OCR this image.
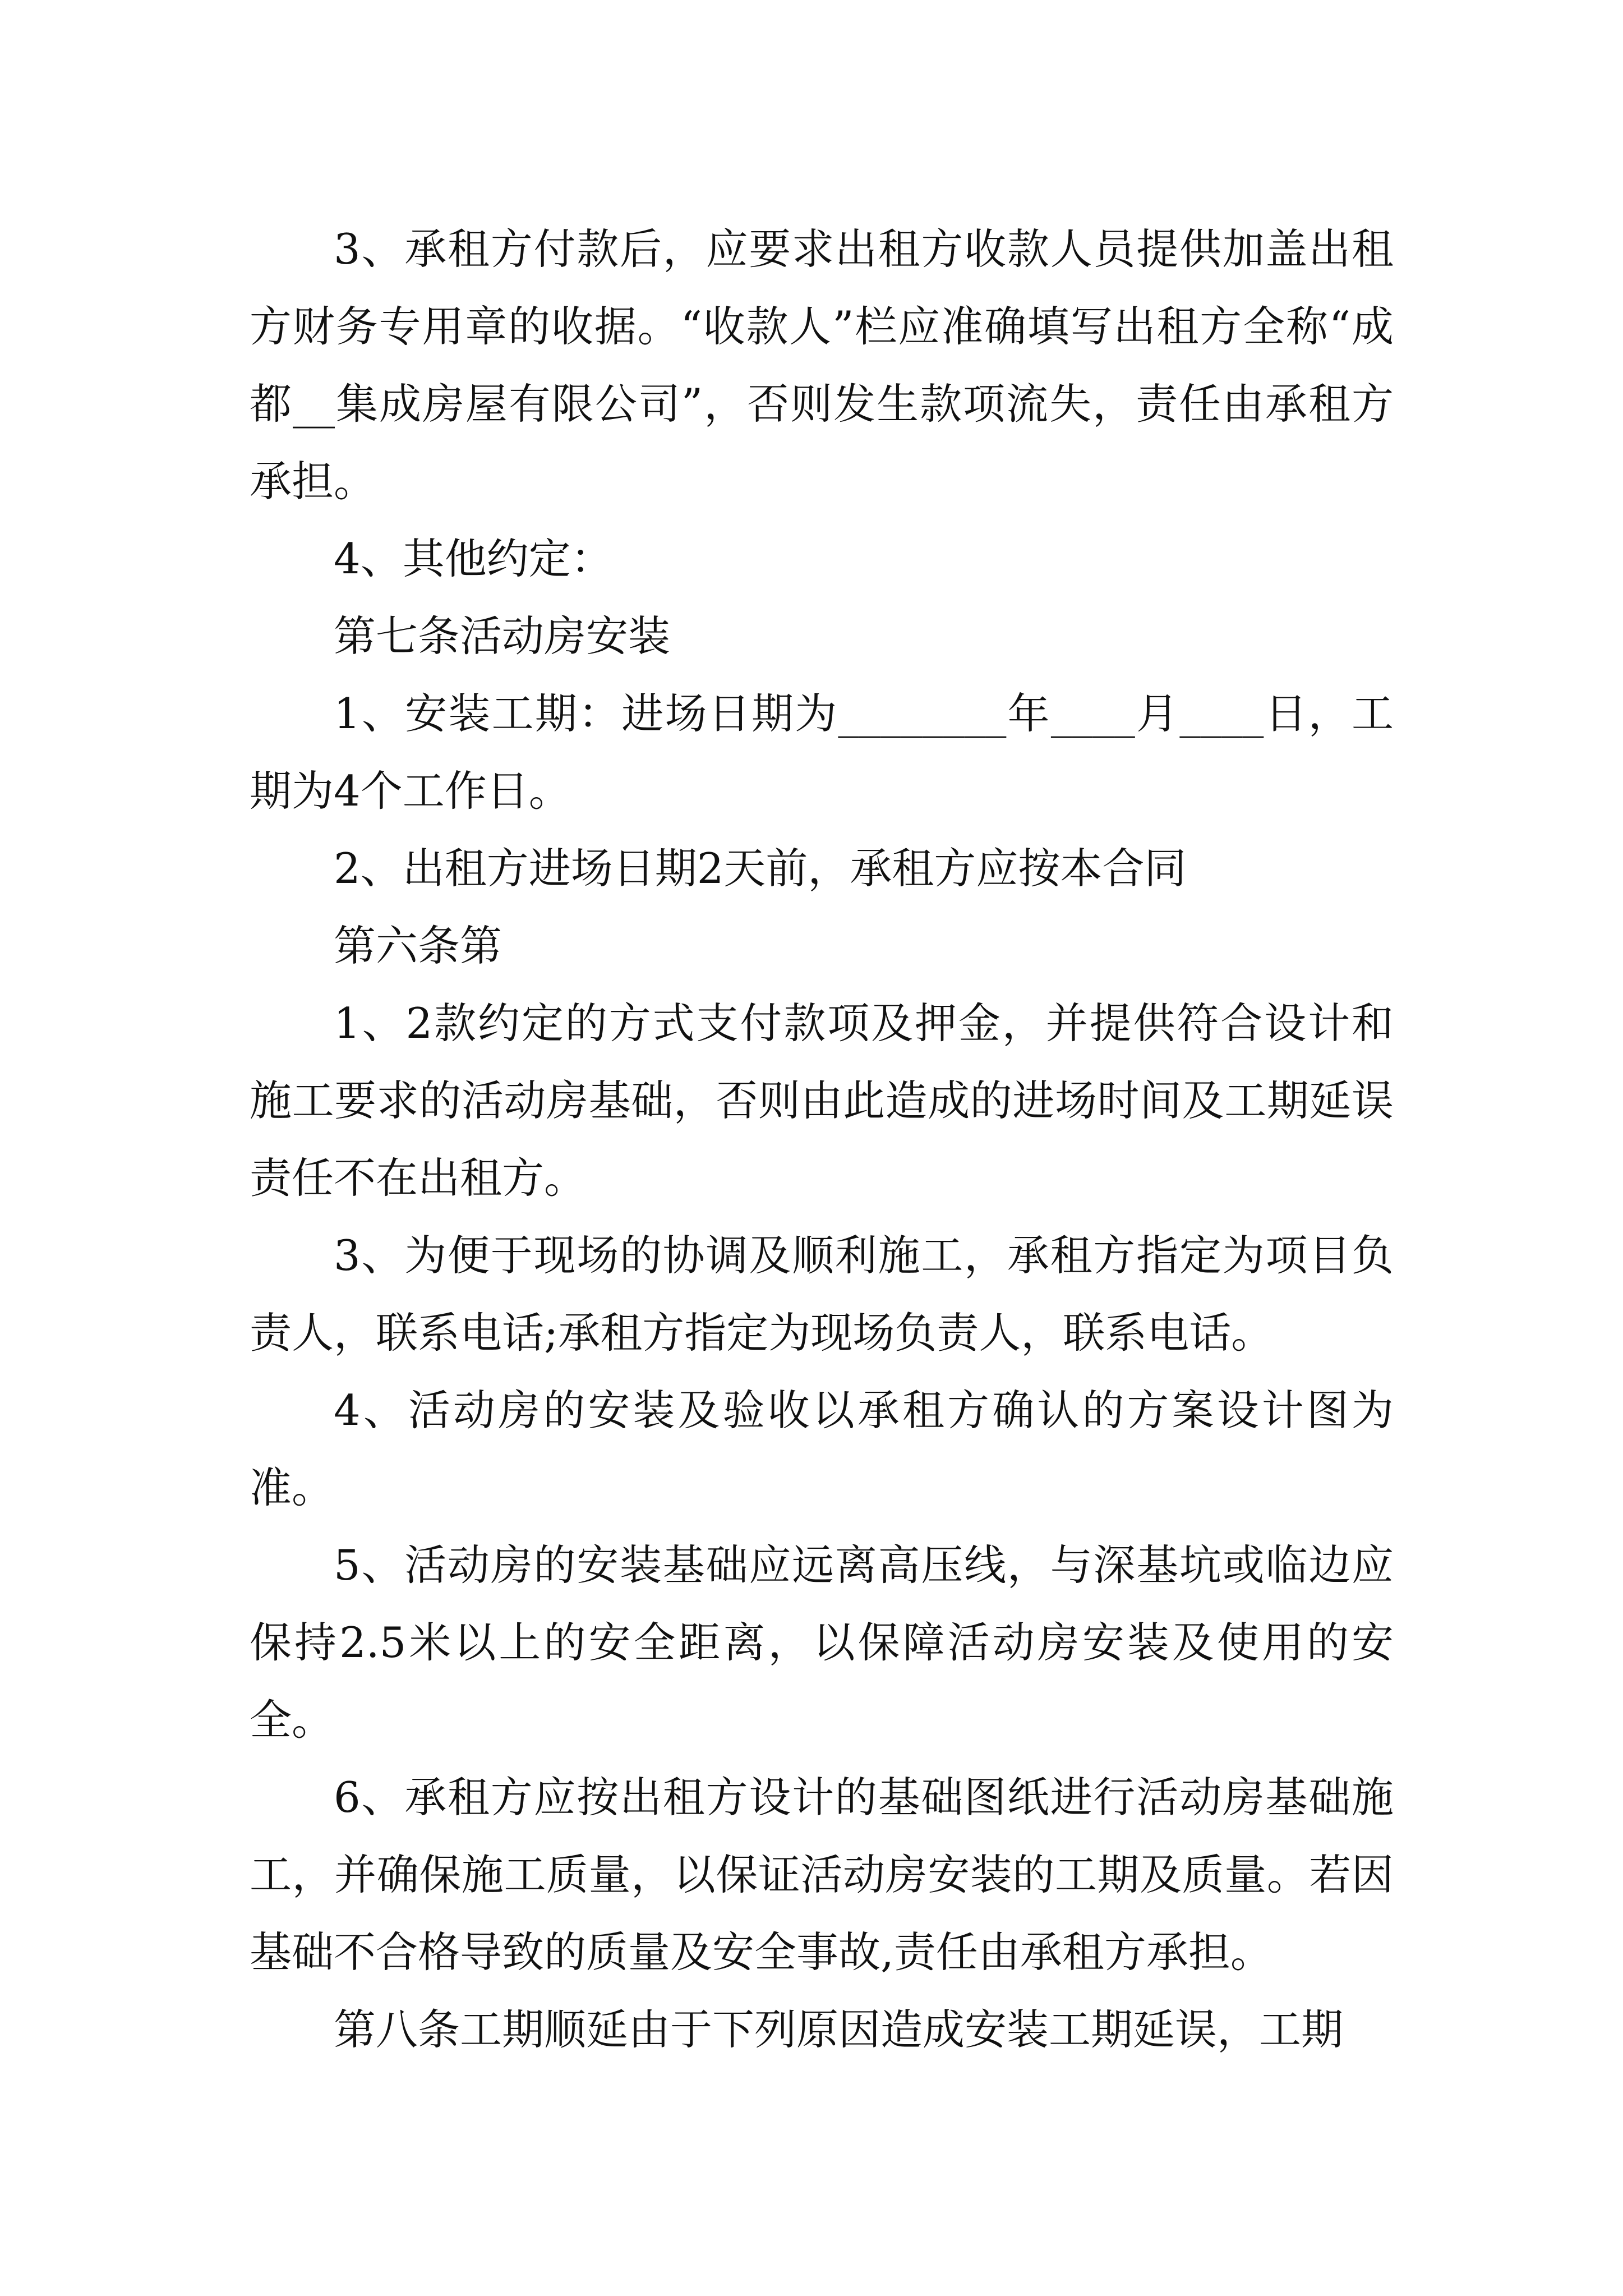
3、承租方付款后，应要求出租方收款人员提供加盖出租方财务专用章的收据。“收款人”栏应准确填写出租方全称“成都__集成房屋有限公司”，否则发生款项流失，责任由承租方承担。

4、其他约定：

第七条活动房安装

1、安装工期：进场日期为________年____月____日，工期为4个工作日。

2、出租方进场日期2天前，承租方应按本合同

第六条第

1、2款约定的方式支付款项及押金，并提供符合设计和施工要求的活动房基础，否则由此造成的进场时间及工期延误责任不在出租方。

3、为便于现场的协调及顺利施工，承租方指定为项目负责人，联系电话;承租方指定为现场负责人，联系电话。

4、活动房的安装及验收以承租方确认的方案设计图为准。

5、活动房的安装基础应远离高压线，与深基坑或临边应保持2.5米以上的安全距离，以保障活动房安装及使用的安全。

6、承租方应按出租方设计的基础图纸进行活动房基础施工，并确保施工质量，以保证活动房安装的工期及质量。若因基础不合格导致的质量及安全事故,责任由承租方承担。

第八条工期顺延由于下列原因造成安装工期延误，工期
